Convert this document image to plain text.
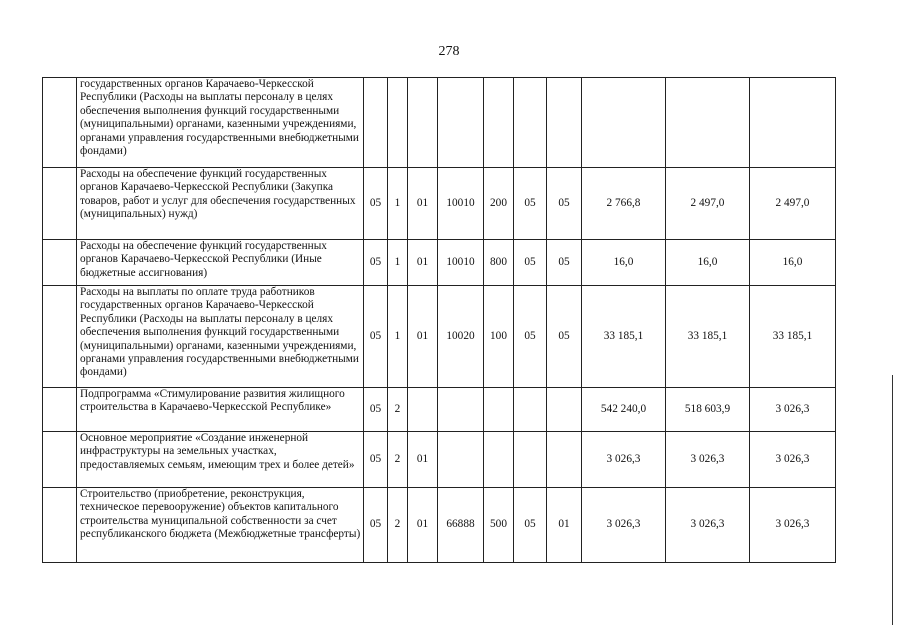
278
	государственных органов Карачаево-Черкесской Республики (Расходы на выплаты персоналу в целях обеспечения выполнения функций государственными (муниципальными) органами, казенными учреждениями, органами управления государственными внебюджетными фондами)										
	Расходы на обеспечение функций государственных органов Карачаево-Черкесской Республики (Закупка товаров, работ и услуг для обеспечения государственных (муниципальных) нужд)	05	1	01	10010	200	05	05	2 766,8	2 497,0	2 497,0
	Расходы на обеспечение функций государственных органов Карачаево-Черкесской Республики (Иные бюджетные ассигнования)	05	1	01	10010	800	05	05	16,0	16,0	16,0
	Расходы на выплаты по оплате труда работников государственных органов Карачаево-Черкесской Республики (Расходы на выплаты персоналу в целях обеспечения выполнения функций государственными (муниципальными) органами, казенными учреждениями, органами управления государственными внебюджетными фондами)	05	1	01	10020	100	05	05	33 185,1	33 185,1	33 185,1
	Подпрограмма «Стимулирование развития жилищного строительства в Карачаево-Черкесской Республике»	05	2						542 240,0	518 603,9	3 026,3
	Основное мероприятие «Создание инженерной инфраструктуры на земельных участках, предоставляемых семьям, имеющим трех и более детей»	05	2	01					3 026,3	3 026,3	3 026,3
	Строительство (приобретение, реконструкция, техническое перевооружение) объектов капитального строительства муниципальной собственности за счет республиканского бюджета (Межбюджетные трансферты)	05	2	01	66888	500	05	01	3 026,3	3 026,3	3 026,3
